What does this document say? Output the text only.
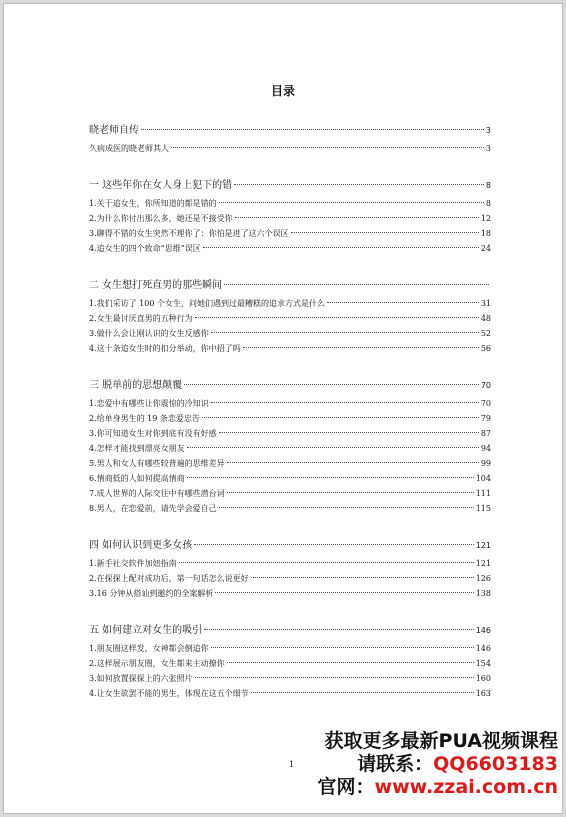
目录
晓老师自传	3
久病成医的晓老师其人	3
一 这些年你在女人身上犯下的错	8
1.关于追女生，你所知道的都是错的	8
2.为什么你付出那么多，她还是不接受你	12
3.聊得不错的女生突然不理你了：你怕是进了这六个误区	18
4.追女生的四个致命“思维”误区	24
二 女生想打死直男的那些瞬间
1.我们采访了 100 个女生，问她们遇到过最糟糕的追求方式是什么	31
2.女生最讨厌直男的五种行为	48
3.做什么会让刚认识的女生反感你	52
4.这十条追女生时的扣分举动，你中招了吗	56
三 脱单前的思想颠覆	70
1.恋爱中有哪些让你震惊的冷知识	70
2.给单身男生的 19 条恋爱忠告	79
3.你可知道女生对你到底有没有好感	87
4.怎样才能找到漂亮女朋友	94
5.男人和女人有哪些较普遍的思维差异	99
6.情商低的人如何提高情商	104
7.成人世界的人际交往中有哪些潜台词	111
8.男人，在恋爱前，请先学会爱自己	115
四 如何认识到更多女孩	121
1.新手社交软件加妞指南	121
2.在探探上配对成功后，第一句话怎么说更好	126
3.16 分钟从搭讪到邀约的全案解析	138
五 如何建立对女生的吸引	146
1.朋友圈这样发，女神都会倒追你	146
2.这样展示朋友圈，女生都来主动撩你	154
3.如何放置探探上的六张照片	160
4.让女生欲罢不能的男生，体现在这五个细节	163
1
获取更多最新PUA视频课程
请联系：QQ6603183
官网：www.zzai.com.cn
